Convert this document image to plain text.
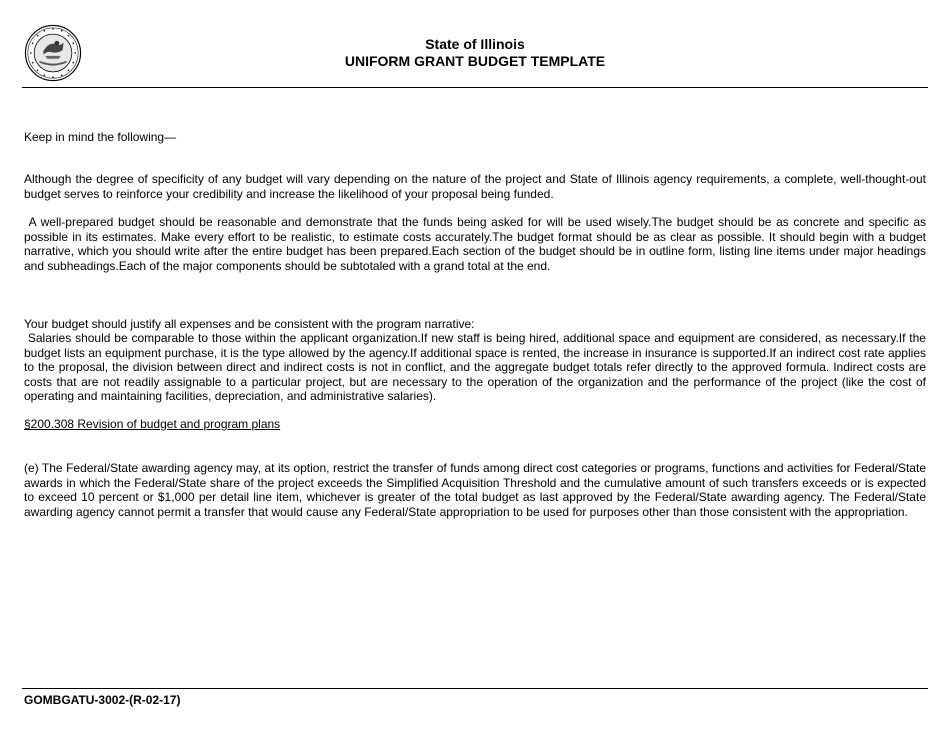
State of Illinois
UNIFORM GRANT BUDGET TEMPLATE
Keep in mind the following—
Although the degree of specificity of any budget will vary depending on the nature of the project and State of Illinois agency requirements, a complete, well-thought-out budget serves to reinforce your credibility and increase the likelihood of your proposal being funded.
A well-prepared budget should be reasonable and demonstrate that the funds being asked for will be used wisely.The budget should be as concrete and specific as possible in its estimates. Make every effort to be realistic, to estimate costs accurately.The budget format should be as clear as possible. It should begin with a budget narrative, which you should write after the entire budget has been prepared.Each section of the budget should be in outline form, listing line items under major headings and subheadings.Each of the major components should be subtotaled with a grand total at the end.
Your budget should justify all expenses and be consistent with the program narrative:
Salaries should be comparable to those within the applicant organization.If new staff is being hired, additional space and equipment are considered, as necessary.If the budget lists an equipment purchase, it is the type allowed by the agency.If additional space is rented, the increase in insurance is supported.If an indirect cost rate applies to the proposal, the division between direct and indirect costs is not in conflict, and the aggregate budget totals refer directly to the approved formula. Indirect costs are costs that are not readily assignable to a particular project, but are necessary to the operation of the organization and the performance of the project (like the cost of operating and maintaining facilities, depreciation, and administrative salaries).
§200.308 Revision of budget and program plans
(e) The Federal/State awarding agency may, at its option, restrict the transfer of funds among direct cost categories or programs, functions and activities for Federal/State awards in which the Federal/State share of the project exceeds the Simplified Acquisition Threshold and the cumulative amount of such transfers exceeds or is expected to exceed 10 percent or $1,000 per detail line item, whichever is greater of the total budget as last approved by the Federal/State awarding agency. The Federal/State awarding agency cannot permit a transfer that would cause any Federal/State appropriation to be used for purposes other than those consistent with the appropriation.
GOMBGATU-3002-(R-02-17)
